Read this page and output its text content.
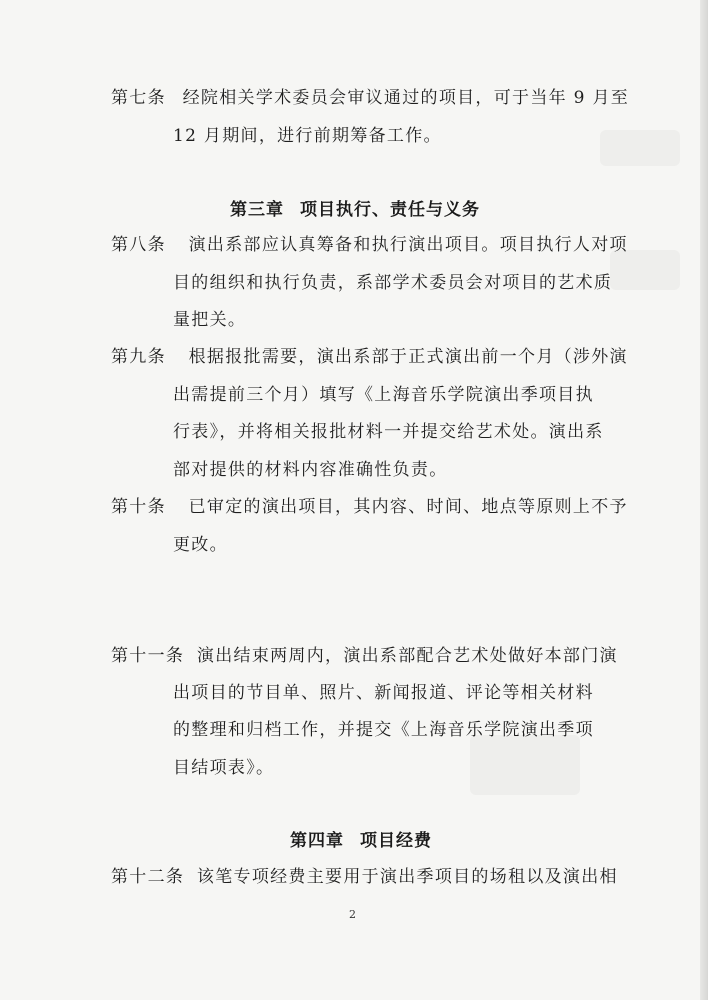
第七条 经院相关学术委员会审议通过的项目，可于当年 9 月至
12 月期间，进行前期筹备工作。
第三章 项目执行、责任与义务
第八条 演出系部应认真筹备和执行演出项目。项目执行人对项
目的组织和执行负责，系部学术委员会对项目的艺术质
量把关。
第九条 根据报批需要，演出系部于正式演出前一个月（涉外演
出需提前三个月）填写《上海音乐学院演出季项目执
行表》，并将相关报批材料一并提交给艺术处。演出系
部对提供的材料内容准确性负责。
第十条 已审定的演出项目，其内容、时间、地点等原则上不予
更改。
第十一条 演出结束两周内，演出系部配合艺术处做好本部门演
出项目的节目单、照片、新闻报道、评论等相关材料
的整理和归档工作，并提交《上海音乐学院演出季项
目结项表》。
第四章 项目经费
第十二条 该笔专项经费主要用于演出季项目的场租以及演出相
2
